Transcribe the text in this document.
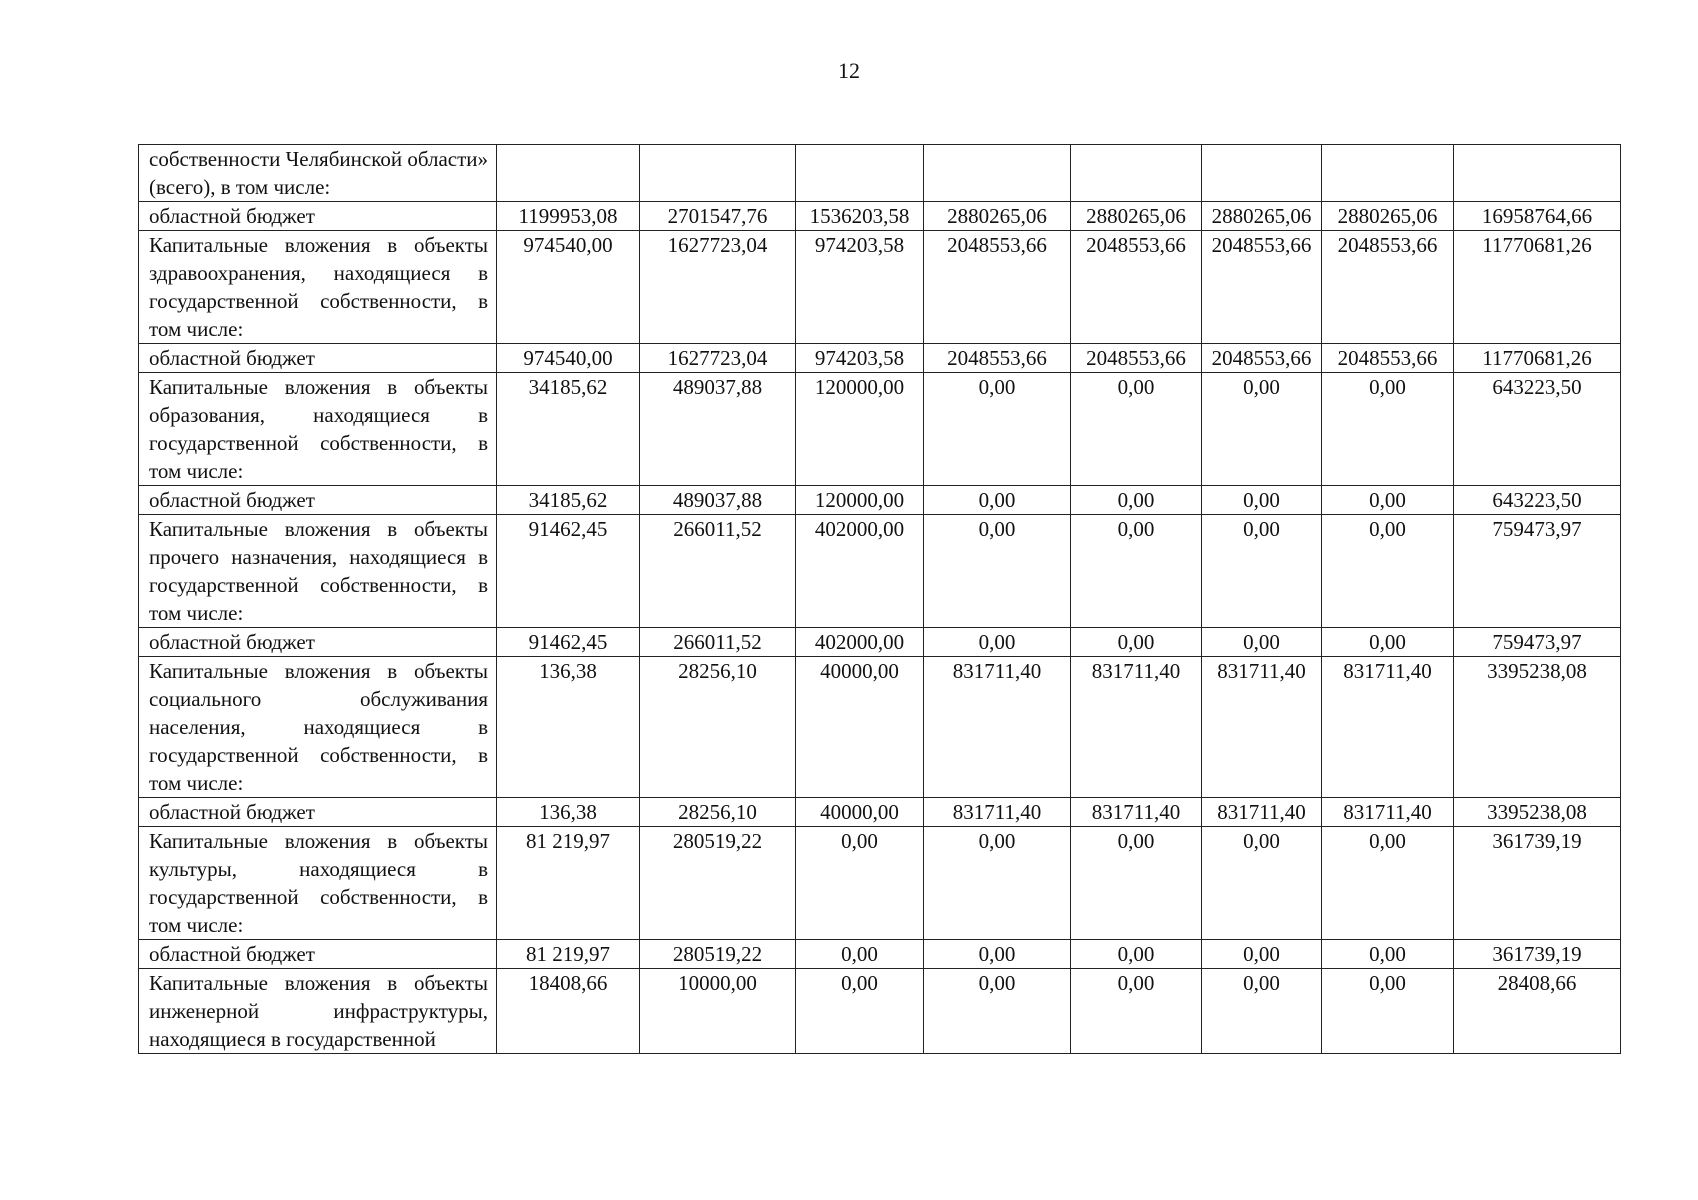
12
собственности Челябинской области» (всего), в том числе:								
областной бюджет	1199953,08	2701547,76	1536203,58	2880265,06	2880265,06	2880265,06	2880265,06	16958764,66
Капитальные вложения в объекты здравоохранения, находящиеся в государственной собственности, в том числе:	974540,00	1627723,04	974203,58	2048553,66	2048553,66	2048553,66	2048553,66	11770681,26
областной бюджет	974540,00	1627723,04	974203,58	2048553,66	2048553,66	2048553,66	2048553,66	11770681,26
Капитальные вложения в объекты образования, находящиеся в государственной собственности, в том числе:	34185,62	489037,88	120000,00	0,00	0,00	0,00	0,00	643223,50
областной бюджет	34185,62	489037,88	120000,00	0,00	0,00	0,00	0,00	643223,50
Капитальные вложения в объекты прочего назначения, находящиеся в государственной собственности, в том числе:	91462,45	266011,52	402000,00	0,00	0,00	0,00	0,00	759473,97
областной бюджет	91462,45	266011,52	402000,00	0,00	0,00	0,00	0,00	759473,97
Капитальные вложения в объекты социального обслуживания населения, находящиеся в государственной собственности, в том числе:	136,38	28256,10	40000,00	831711,40	831711,40	831711,40	831711,40	3395238,08
областной бюджет	136,38	28256,10	40000,00	831711,40	831711,40	831711,40	831711,40	3395238,08
Капитальные вложения в объекты культуры, находящиеся в государственной собственности, в том числе:	81 219,97	280519,22	0,00	0,00	0,00	0,00	0,00	361739,19
областной бюджет	81 219,97	280519,22	0,00	0,00	0,00	0,00	0,00	361739,19
Капитальные вложения в объекты инженерной инфраструктуры, находящиеся в государственной	18408,66	10000,00	0,00	0,00	0,00	0,00	0,00	28408,66
